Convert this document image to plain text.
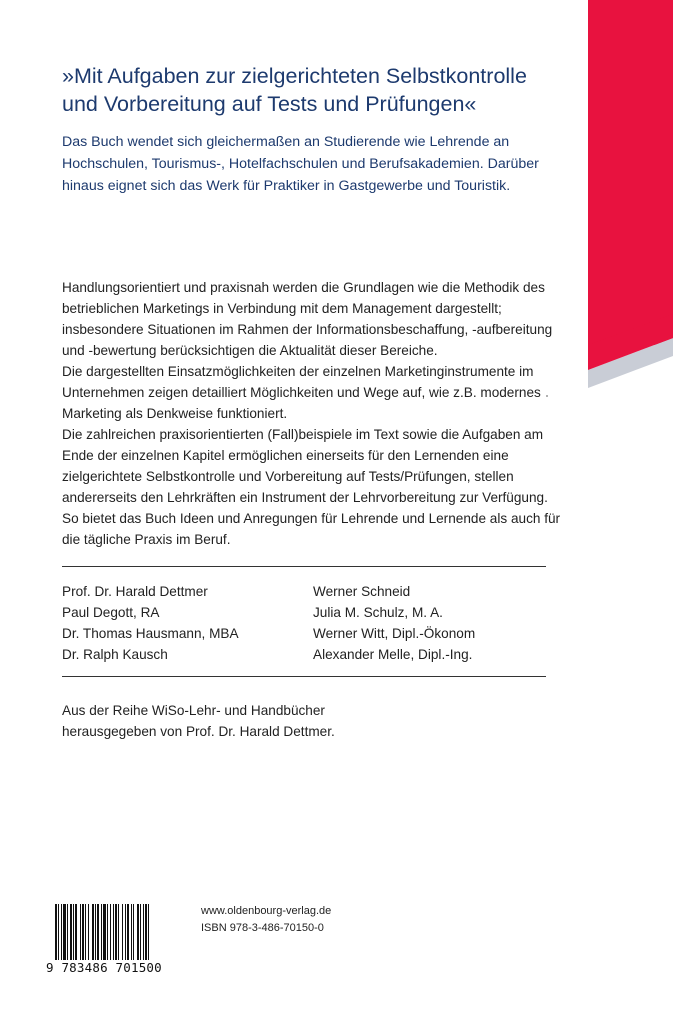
»Mit Aufgaben zur zielgerichteten Selbstkontrolle
und Vorbereitung auf Tests und Prüfungen«

Das Buch wendet sich gleichermaßen an Studierende wie Lehrende an Hochschulen, Tourismus-, Hotelfachschulen und Berufsakademien. Darüber hinaus eignet sich das Werk für Praktiker in Gastgewerbe und Touristik.

Handlungsorientiert und praxisnah werden die Grundlagen wie die Methodik des betrieblichen Marketings in Verbindung mit dem Management dargestellt; insbesondere Situationen im Rahmen der Informationsbeschaffung, -aufbereitung und -bewertung berücksichtigen die Aktualität dieser Bereiche.

Die dargestellten Einsatzmöglichkeiten der einzelnen Marketinginstrumente im Unternehmen zeigen detailliert Möglichkeiten und Wege auf, wie z.B. modernes Marketing als Denkweise funktioniert.

Die zahlreichen praxisorientierten (Fall)beispiele im Text sowie die Aufgaben am Ende der einzelnen Kapitel ermöglichen einerseits für den Lernenden eine zielgerichtete Selbstkontrolle und Vorbereitung auf Tests/Prüfungen, stellen andererseits den Lehrkräften ein Instrument der Lehrvorbereitung zur Verfügung.

So bietet das Buch Ideen und Anregungen für Lehrende und Lernende als auch für die tägliche Praxis im Beruf.

Prof. Dr. Harald Dettmer
Paul Degott, RA
Dr. Thomas Hausmann, MBA
Dr. Ralph Kausch
Werner Schneid
Julia M. Schulz, M. A.
Werner Witt, Dipl.-Ökonom
Alexander Melle, Dipl.-Ing.
Aus der Reihe WiSo-Lehr- und Handbücher
herausgegeben von Prof. Dr. Harald Dettmer.
9 783486 701500
www.oldenbourg-verlag.de
ISBN 978-3-486-70150-0
